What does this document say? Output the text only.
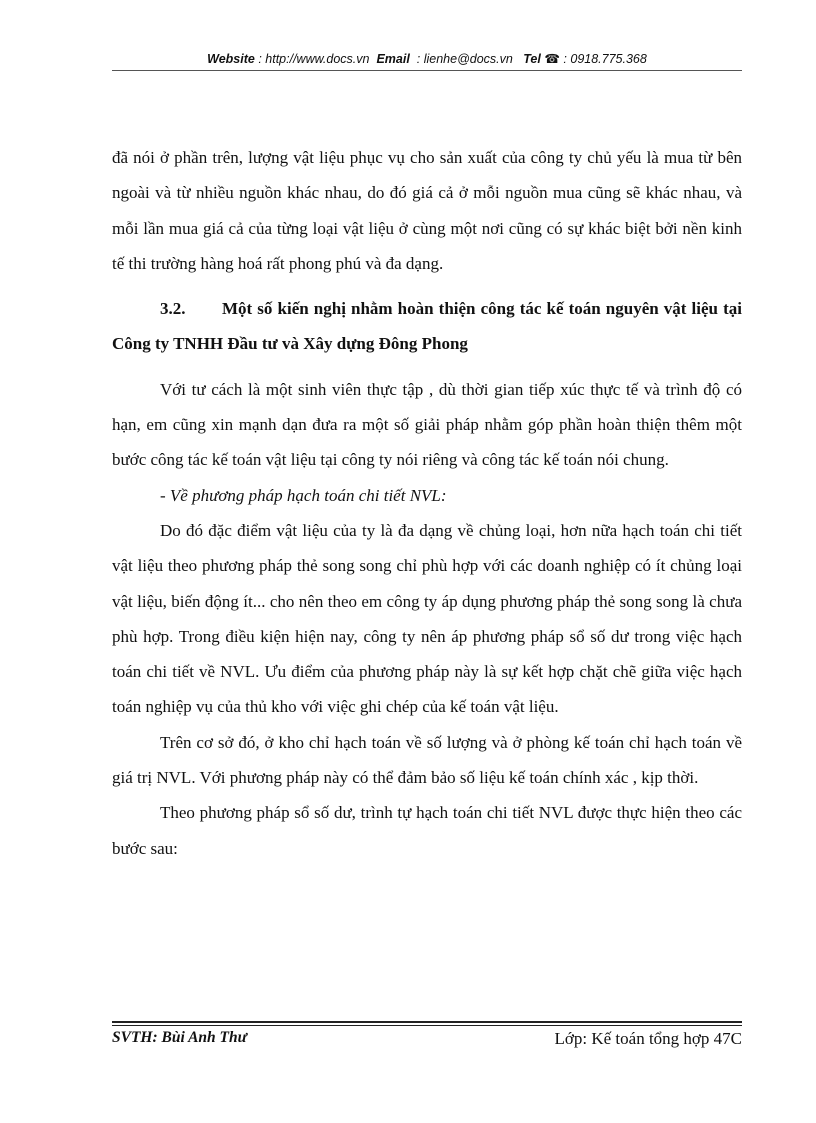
Website : http://www.docs.vn Email : lienhe@docs.vn Tel ☎ : 0918.775.368

đã nói ở phần trên, lượng vật liệu phục vụ cho sản xuất của công ty chủ yếu là mua từ bên ngoài và từ nhiều nguồn khác nhau, do đó giá cả ở mỗi nguồn mua cũng sẽ khác nhau, và mỗi lần mua giá cả của từng loại vật liệu ở cùng một nơi cũng có sự khác biệt bởi nền kinh tế thi trường hàng hoá rất phong phú và đa dạng.

3.2. Một số kiến nghị nhằm hoàn thiện công tác kế toán nguyên vật liệu tại Công ty TNHH Đầu tư và Xây dựng Đông Phong

Với tư cách là một sinh viên thực tập , dù thời gian tiếp xúc thực tế và trình độ có hạn, em cũng xin mạnh dạn đưa ra một số giải pháp nhằm góp phần hoàn thiện thêm một bước công tác kế toán vật liệu tại công ty nói riêng và công tác kế toán nói chung.

- Về phương pháp hạch toán chi tiết NVL:

Do đó đặc điểm vật liệu của ty là đa dạng về chủng loại, hơn nữa hạch toán chi tiết vật liệu theo phương pháp thẻ song song chỉ phù hợp với các doanh nghiệp có ít chủng loại vật liệu, biến động ít... cho nên theo em công ty áp dụng phương pháp thẻ song song là chưa phù hợp. Trong điều kiện hiện nay, công ty nên áp phương pháp sổ số dư trong việc hạch toán chi tiết về NVL. Ưu điểm của phương pháp này là sự kết hợp chặt chẽ giữa việc hạch toán nghiệp vụ của thủ kho với việc ghi chép của kế toán vật liệu.

Trên cơ sở đó, ở kho chỉ hạch toán về số lượng và ở phòng kế toán chỉ hạch toán về giá trị NVL. Với phương pháp này có thể đảm bảo số liệu kế toán chính xác , kịp thời.

Theo phương pháp sổ số dư, trình tự hạch toán chi tiết NVL được thực hiện theo các bước sau:

SVTH: Bùi Anh Thư	Lớp: Kế toán tổng hợp 47C
